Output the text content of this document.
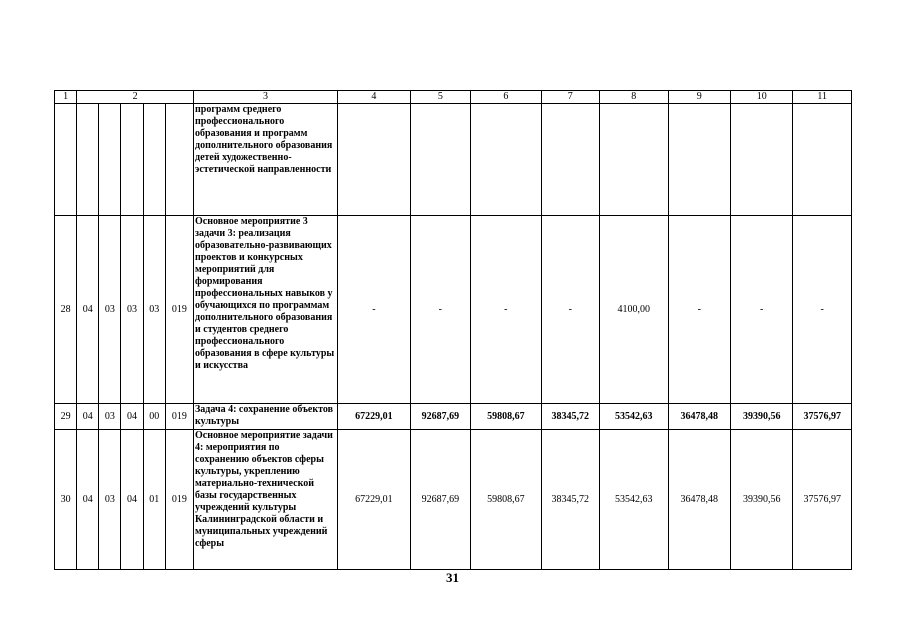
1	2					3	4	5	6	7	8	9	10	11
						программ среднего профессионального образования и программ дополнительного образования детей художественно-эстетической направленности								
28	04	03	03	03	019	Основное мероприятие 3 задачи 3: реализация образовательно-развивающих проектов и конкурсных мероприятий для формирования профессиональных навыков у обучающихся по программам дополнительного образования и студентов среднего профессионального образования в сфере культуры и искусства	-	-	-	-	4100,00	-	-	-
29	04	03	04	00	019	Задача 4: сохранение объектов культуры	67229,01	92687,69	59808,67	38345,72	53542,63	36478,48	39390,56	37576,97
30	04	03	04	01	019	Основное мероприятие задачи 4: мероприятия по сохранению объектов сферы культуры, укреплению материально-технической базы государственных учреждений культуры Калининградской области и муниципальных учреждений сферы	67229,01	92687,69	59808,67	38345,72	53542,63	36478,48	39390,56	37576,97
31
